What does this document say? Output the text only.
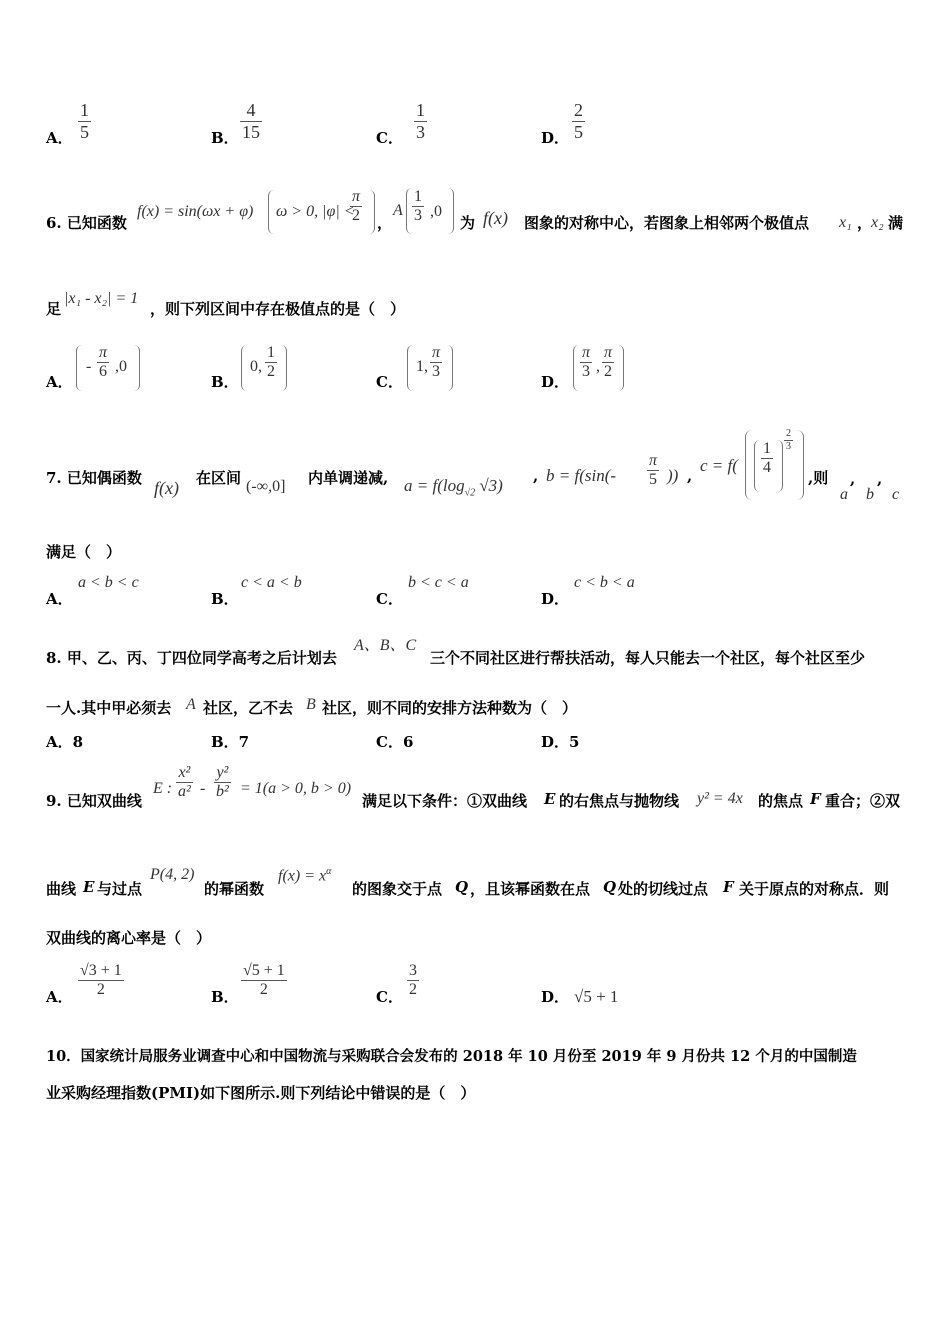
A．
1
5	B．
4
15	C．
1
3	D．
2
5
6. 已知函数
f(x) = sin(ωx + φ) ω > 0, |φ| <
π
2 ，
A
1
3 ,0
为 f(x) 图象的对称中心，若图象上相邻两个极值点 x₁ ，
x₂ 满
足
|x₁ - x₂| = 1
，则下列区间中存在极值点的是（　）
A．
-
π
6 ,0
B．
0,
1
2
C．
1,
π
3
D．
π
3 ,
π
2
7. 已知偶函数 f(x) 在区间 (-∞,0] 内单调递减, $a = f(\log_{√2}$ √3) , b = f(sin(-
π
5 )) ,
c = f(
1
4
2
3
,则
a
,
b
,
c
满足（　）
A．
a < b < c
B．
c < a < b
C．
b < c < a
D．
c < b < a
8. 甲、乙、丙、丁四位同学高考之后计划去
A、B、C
三个不同社区进行帮扶活动，每人只能去一个社区，每个社区至少
一人.其中甲必须去 A 社区，乙不去 B 社区，则不同的安排方法种数为（　）
A．8	B．7	C．6	D．5
9. 已知双曲线
E :
x²
a² -
y²
b² = 1(a > 0, b > 0)
满足以下条件：①双曲线 E 的右焦点与抛物线 y² = 4x 的焦点 F 重合；②双
曲线 E 与过点
P(4, 2)
的幂函数
$f(x) = x^\alpha$
的图象交于点 Q ，且该幂函数在点 Q 处的切线过点 F 关于原点的对称点．则
双曲线的离心率是（　）
A．
√3 + 1
2	B．
√5 + 1
2	C．
3
2	D． √5 + 1
10．国家统计局服务业调查中心和中国物流与采购联合会发布的 2018 年 10 月份至 2019 年 9 月份共 12 个月的中国制造
业采购经理指数(PMI)如下图所示.则下列结论中错误的是（　）
